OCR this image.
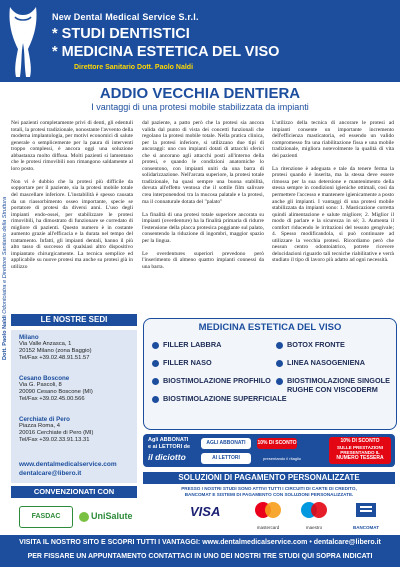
New Dental Medical Service S.r.l.
* STUDI DENTISTICI
* MEDICINA ESTETICA DEL VISO
Direttore Sanitario Dott. Paolo Naldi
Dott. Paolo Naldi Odontoiatra e Direttore Sanitario della Struttura
ADDIO VECCHIA DENTIERA
I vantaggi di una protesi mobile stabilizzata da impianti

Nei pazienti completamente privi di denti, gli edentuli totali, la protesi tradizionale, nonostante l'avvento della moderna implantologia, per motivi economici di salute generale o semplicemente per la paura di interventi troppo complessi, è ancora oggi una soluzione abbastanza molto diffusa. Molti pazienti si lamentano che le protesi rimovibili non rimangono saldamente al loro posto.

Non vi è dubbio che la protesi più difficile da sopportare per il paziente, sia la protesi mobile totale del mascellare inferiore. L'instabilità è spesso causata da un riassorbimento osseo importante, specie se portatore di protesi da diversi anni. L'uso degli impianti endo-ossei, per stabilizzare le protesi rimovibili, ha dimostrato di funzionare se corredato di migliore di pazienti. Questo numero è in costante aumento grazie all'efficacia e la durata nel tempo del trattamento. Infatti, gli impianti dentali, hanno il più alto tasso di successo di qualsiasi altro dispositivo impiantato chirurgicamente. La tecnica semplice ed applicabile su nuove protesi ma anche su protesi già in utilizzo

dal paziente, a patto però che la protesi sia ancora valida dal punto di vista dei concetti funzionali che regolano la protesi mobile totale. Nella pratica clinica, per la protesi inferiore, si utilizzano due tipi di ancoraggi: uno con impianti dotati di attacchi sferici che si ancorano agli attacchi posti all'interno della protesi, e quando le condizioni anatomiche lo consentono, con impianti uniti da una barra di solidarizzazione. Nell'arcata superiore, la protesi totale tradizionale, ha quasi sempre una buona stabilità, dovuta all'effetto ventosa che il sottile film salivare crea interponendosi tra la mucosa palatale e la protesi, ma il connaturale dotata del "palato"

La finalità di una protesi totale superiore ancorata su impianti (overdenture) ha la finalità primaria di ridurre l'estensione della placca protesica poggiante sul palato, consentendo la riduzione di ingombri, maggior spazio per la lingua.

Le overdentures superiori prevedono però l'inserimento di almeno quattro impianti connessi da una barra.

L'utilizzo della tecnica di ancorare le protesi ad impianti consente un importante incremento dell'efficienza masticatoria, ed essendo un valido compromesso fra una riabilitazione fissa e una mobile tradizionale, migliora notevolmente la qualità di vita dei pazienti

La ritenzione è adeguata e tale da tenere ferma la protesi quando è inserita, ma la stessa deve essere rimossa per la sua detersione e mantenimento della stessa sempre in condizioni igieniche ottimali, così da permettere l'accesso e mantenere igienicamente a posto anche gli impianti. I vantaggi di una protesi mobile stabilizzata da impianti sono: 1. Masticazione corretta quindi alimentazione e salute migliore; 2. Miglior il modo di parlare e la sicurezza in sé; 3. Aumenta il comfort riducendo le irritazioni del tessuto gengivale; 4. Spesso modificandola, si può continuare ad utilizzare la vecchia protesi. Ricordiamo però che nessun centro odontoiatrico, potrete ricevere delucidazioni riguardo tali tecniche riabilitative e verrà studiato il tipo di lavoro più adatto ad ogni necessità.

LE NOSTRE SEDI
Milano
Via Valle Anzasca, 1
20152 Milano (zona Baggio)
Tel/Fax +39.02.48.91.51.57
Cesano Boscone
Via G. Pascoli, 8
20090 Cesano Boscone (MI)
Tel/Fax +39.02.45.00.566
Cerchiate di Pero
Piazza Roma, 4
20016 Cerchiate di Pero (MI)
Tel/Fax +39.02.33.91.13.31
www.dentalmedicalservice.com
dentalcare@libero.it
MEDICINA ESTETICA DEL VISO
FILLER LABBRA
FILLER NASO
BIOSTIMOLAZIONE PROFHILO
BIOSTIMOLAZIONE SUPERFICIALE
BOTOX FRONTE
LINEA NASOGENIENA
BIOSTIMOLAZIONE SINGOLE RUGHE CON VISCODERM
Agli ABBONATI
e ai LETTORI de
il diciotto
AGLI ABBONATI	10% DI SCONTO
AI LETTORI	presentando il ritaglio
10% DI SCONTO
SULLE PRESTAZIONI
PRESENTANDO IL
NUMERO TESSERA
SOLUZIONI DI PAGAMENTO PERSONALIZZATE
PRESSO I NOSTRI STUDI SONO ATTIVI TUTTI I CIRCUITI DI CARTE DI CREDITO,
BANCOMAT E SISTEMI DI PAGAMENTO CON SOLUZIONI PERSONALIZZATE.
VISA
mastercard	maestro	BANCOMAT
CONVENZIONATI CON
FASDAC	UniSalute
VISITA IL NOSTRO SITO E SCOPRI TUTTI I VANTAGGI: www.dentalmedicalservice.com • dentalcare@libero.it
PER FISSARE UN APPUNTAMENTO CONTATTACI IN UNO DEI NOSTRI TRE STUDI QUI SOPRA INDICATI
